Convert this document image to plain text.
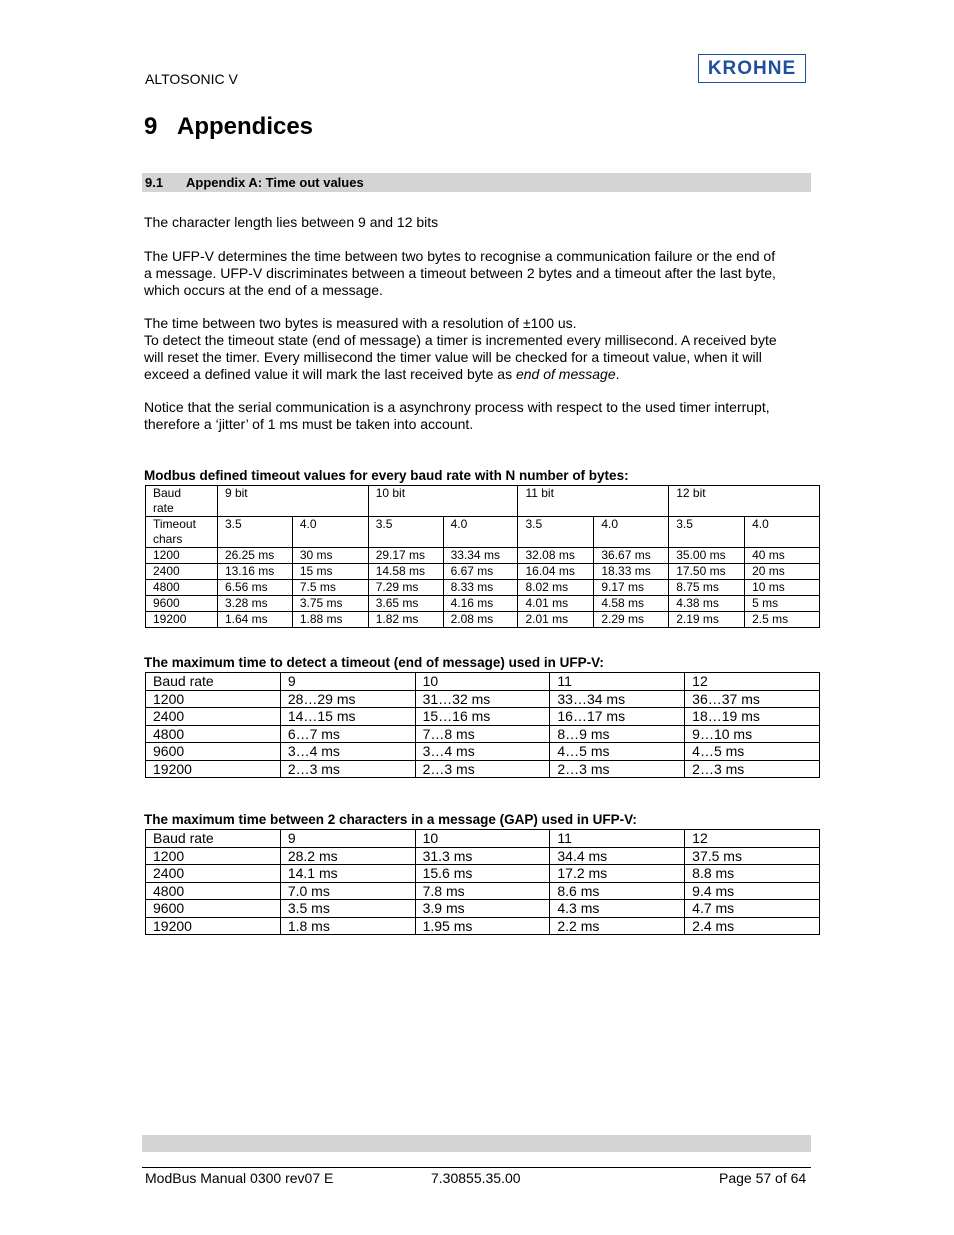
ALTOSONIC V
KROHNE
9 Appendices
9.1 Appendix A: Time out values
The character length lies between 9 and 12 bits
The UFP-V determines the time between two bytes to recognise a communication failure or the end of
a message. UFP-V discriminates between a timeout between 2 bytes and a timeout after the last byte,
which occurs at the end of a message.
The time between two bytes is measured with a resolution of ±100 us.
To detect the timeout state (end of message) a timer is incremented every millisecond. A received byte
will reset the timer. Every millisecond the timer value will be checked for a timeout value, when it will
exceed a defined value it will mark the last received byte as end of message.
Notice that the serial communication is a asynchrony process with respect to the used timer interrupt,
therefore a ‘jitter’ of 1 ms must be taken into account.
Modbus defined timeout values for every baud rate with N number of bytes:
Baud
rate	9 bit		10 bit		11 bit		12 bit	

Timeout
chars	3.5	4.0	3.5	4.0	3.5	4.0	3.5	4.0
1200	26.25 ms	30 ms	29.17 ms	33.34 ms	32.08 ms	36.67 ms	35.00 ms	40 ms
2400	13.16 ms	15 ms	14.58 ms	6.67 ms	16.04 ms	18.33 ms	17.50 ms	20 ms
4800	6.56 ms	7.5 ms	7.29 ms	8.33 ms	8.02 ms	9.17 ms	8.75 ms	10 ms
9600	3.28 ms	3.75 ms	3.65 ms	4.16 ms	4.01 ms	4.58 ms	4.38 ms	5 ms
19200	1.64 ms	1.88 ms	1.82 ms	2.08 ms	2.01 ms	2.29 ms	2.19 ms	2.5 ms
The maximum time to detect a timeout (end of message) used in UFP-V:
Baud rate	9	10	11	12
1200	28…29 ms	31…32 ms	33…34 ms	36…37 ms
2400	14…15 ms	15…16 ms	16…17 ms	18…19 ms
4800	6…7 ms	7…8 ms	8…9 ms	9…10 ms
9600	3…4 ms	3…4 ms	4…5 ms	4…5 ms
19200	2…3 ms	2…3 ms	2…3 ms	2…3 ms
The maximum time between 2 characters in a message (GAP) used in UFP-V:
Baud rate	9	10	11	12
1200	28.2 ms	31.3 ms	34.4 ms	37.5 ms
2400	14.1 ms	15.6 ms	17.2 ms	8.8 ms
4800	7.0 ms	7.8 ms	8.6 ms	9.4 ms
9600	3.5 ms	3.9 ms	4.3 ms	4.7 ms
19200	1.8 ms	1.95 ms	2.2 ms	2.4 ms
ModBus Manual 0300 rev07 E	7.30855.35.00	Page 57 of 64
